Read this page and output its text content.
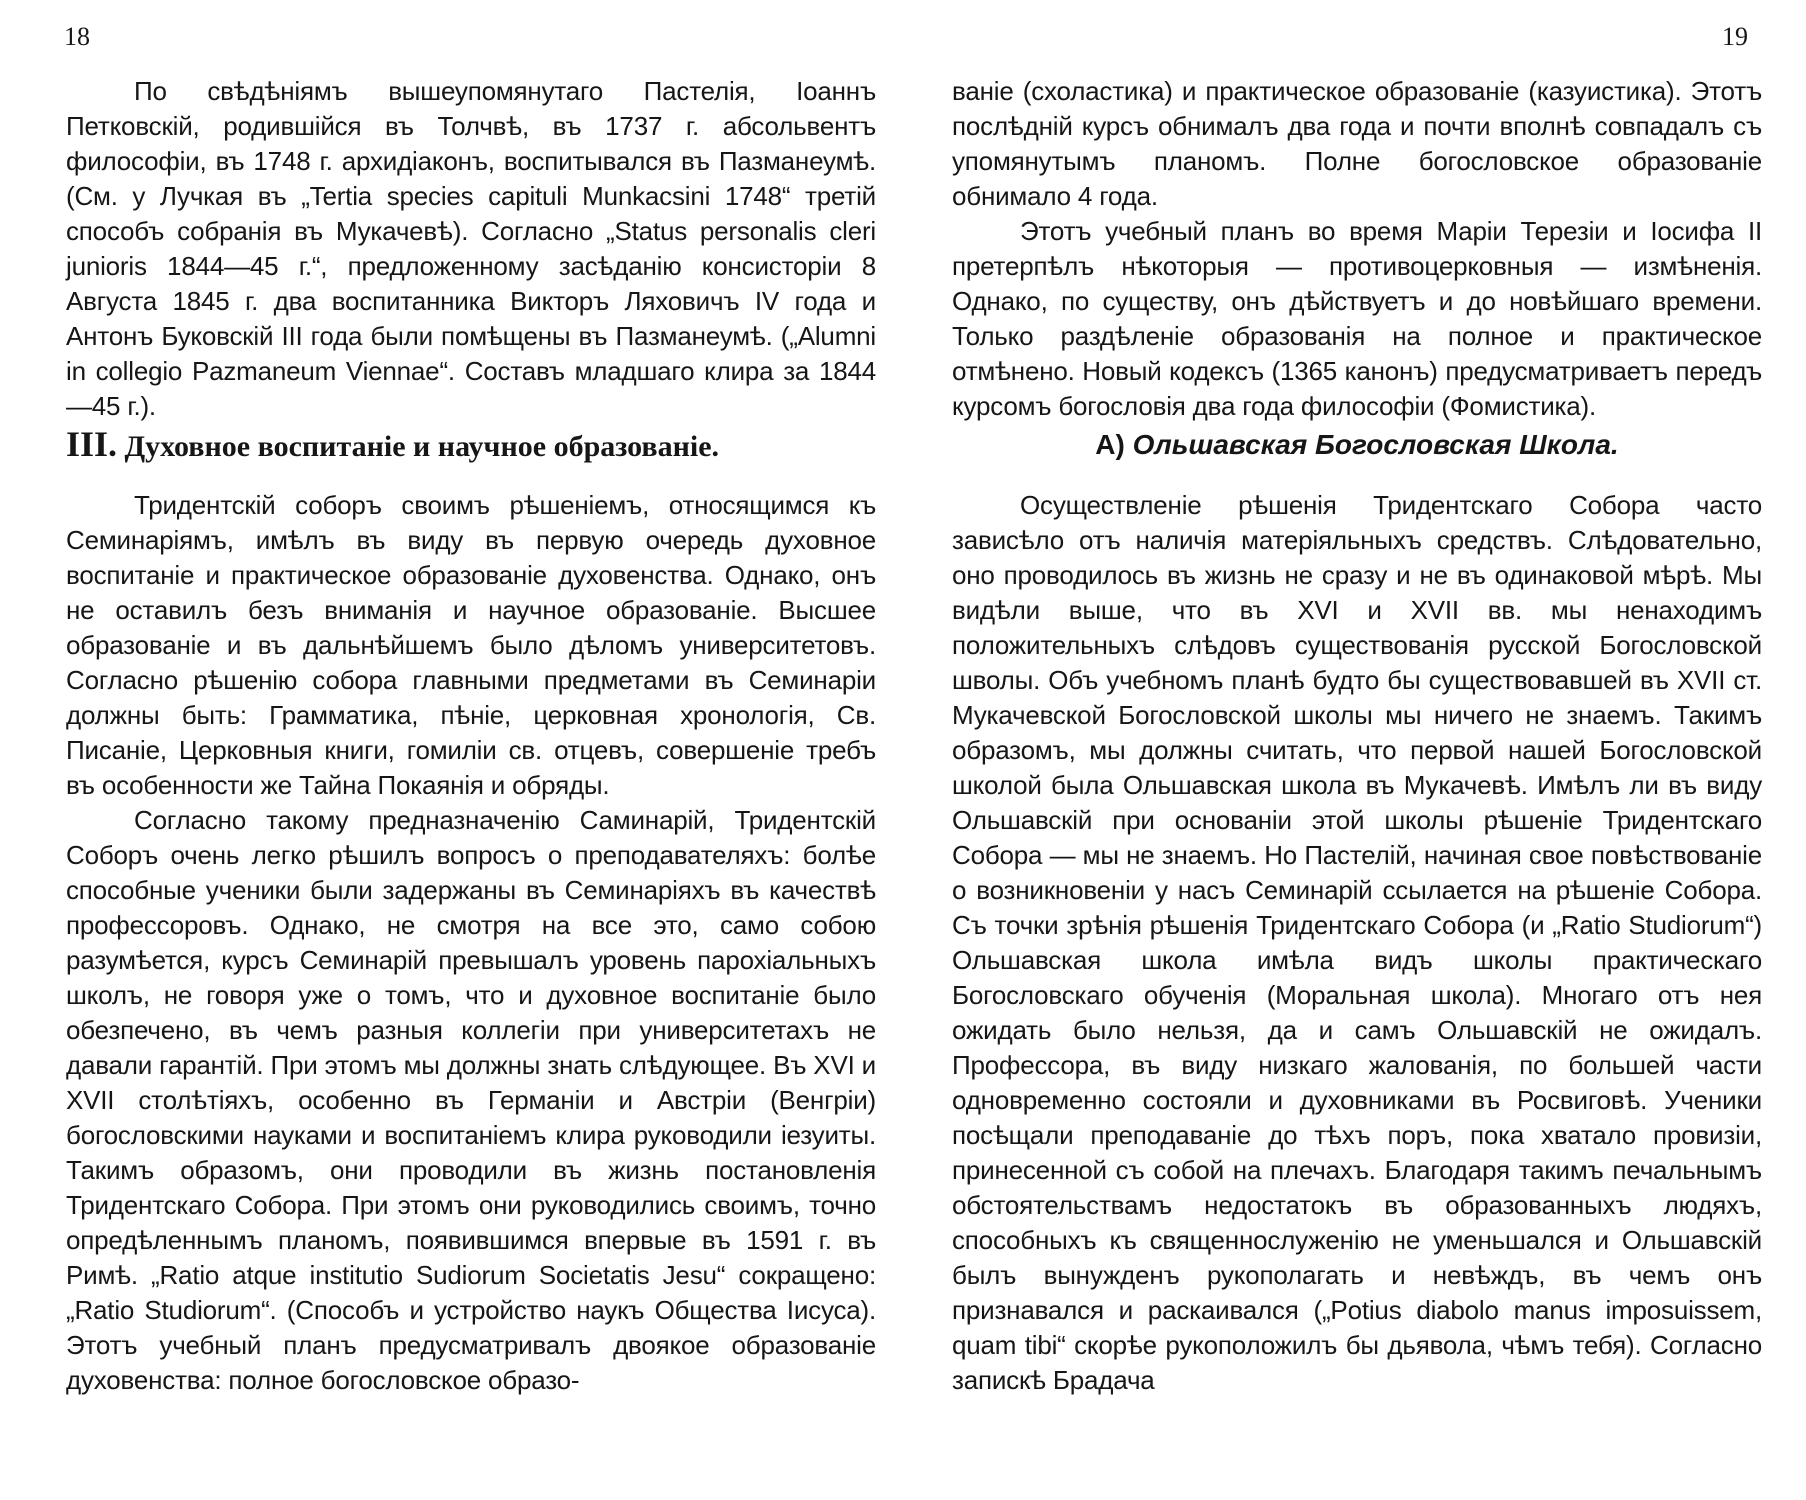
18

По свѣдѣніямъ вышеупомянутаго Пастелія, Іоаннъ Петковскій, родившійся въ Толчвѣ, въ 1737 г. абсольвентъ философіи, въ 1748 г. архидіаконъ, воспитывался въ Пазманеумѣ. (См. у Лучкая въ „Tertia species capituli Munkacsini 1748“ третій способъ собранія въ Мукачевѣ). Согласно „Status personalis cleri junioris 1844—45 г.“, предложенному засѣданію консисторіи 8 Августа 1845 г. два воспитанника Викторъ Ляховичъ IV года и Антонъ Буковскій III года были помѣщены въ Пазманеумѣ. („Alumni in collegio Pazmaneum Viennae“. Составъ младшаго клира за 1844—45 г.).

III. Духовное воспитаніе и научное образованіе.

Тридентскій соборъ своимъ рѣшеніемъ, относящимся къ Семинаріямъ, имѣлъ въ виду въ первую очередь духовное воспитаніе и практическое образованіе духовенства. Однако, онъ не оставилъ безъ вниманія и научное образованіе. Высшее образованіе и въ дальнѣйшемъ было дѣломъ университетовъ. Согласно рѣшенію собора главными предметами въ Семинаріи должны быть: Грамматика, пѣніе, церковная хронологія, Св. Писаніе, Церковныя книги, гомиліи св. отцевъ, совершеніе требъ въ особенности же Тайна Покаянія и обряды.

Согласно такому предназначенію Саминарій, Тридентскій Соборъ очень легко рѣшилъ вопросъ о преподавателяхъ: болѣе способные ученики были задержаны въ Семинаріяхъ въ качествѣ профессоровъ. Однако, не смотря на все это, само собою разумѣется, курсъ Семинарій превышалъ уровень парохіальныхъ школъ, не говоря уже о томъ, что и духовное воспитаніе было обезпечено, въ чемъ разныя коллегіи при университетахъ не давали гарантій. При этомъ мы должны знать слѣдующее. Въ XVI и XVII столѣтіяхъ, особенно въ Германіи и Австріи (Венгріи) богословскими науками и воспитаніемъ клира руководили іезуиты. Такимъ образомъ, они проводили въ жизнь постановленія Тридентскаго Собора. При этомъ они руководились своимъ, точно опредѣленнымъ планомъ, появившимся впервые въ 1591 г. въ Римѣ. „Ratio atque institutio Sudiorum Societatis Jesu“ сокращено: „Ratio Studiorum“. (Способъ и устройство наукъ Общества Іисуса). Этотъ учебный планъ предусматривалъ двоякое образованіе духовенства: полное богословское образо-

19

ваніе (схоластика) и практическое образованіе (казуистика). Этотъ послѣдній курсъ обнималъ два года и почти вполнѣ совпадалъ съ упомянутымъ планомъ. Полне богословское образованіе обнимало 4 года.

Этотъ учебный планъ во время Маріи Терезіи и Іосифа II претерпѣлъ нѣкоторыя — противоцерковныя — измѣненія. Однако, по существу, онъ дѣйствуетъ и до новѣйшаго времени. Только раздѣленіе образованія на полное и практическое отмѣнено. Новый кодексъ (1365 канонъ) предусматриваетъ передъ курсомъ богословія два года философіи (Фомистика).

А) Ольшавская Богословская Школа.

Осуществленіе рѣшенія Тридентскаго Собора часто зависѣло отъ наличія матеріяльныхъ средствъ. Слѣдовательно, оно проводилось въ жизнь не сразу и не въ одинаковой мѣрѣ. Мы видѣли выше, что въ XVI и XVII вв. мы ненаходимъ положительныхъ слѣдовъ существованія русской Богословской шволы. Объ учебномъ планѣ будто бы существовавшей въ XVII ст. Мукачевской Богословской школы мы ничего не знаемъ. Такимъ образомъ, мы должны считать, что первой нашей Богословской школой была Ольшавская школа въ Мукачевѣ. Имѣлъ ли въ виду Ольшавскій при основаніи этой школы рѣшеніе Тридентскаго Собора — мы не знаемъ. Но Пастелій, начиная свое повѣствованіе о возникновеніи у насъ Семинарій ссылается на рѣшеніе Собора. Съ точки зрѣнія рѣшенія Тридентскаго Собора (и „Ratio Studiorum“) Ольшавская школа имѣла видъ школы практическаго Богословскаго обученія (Моральная школа). Многаго отъ нея ожидать было нельзя, да и самъ Ольшавскій не ожидалъ. Профессора, въ виду низкаго жалованія, по большей части одновременно состояли и духовниками въ Росвиговѣ. Ученики посѣщали преподаваніе до тѣхъ поръ, пока хватало провизіи, принесенной съ собой на плечахъ. Благодаря такимъ печальнымъ обстоятельствамъ недостатокъ въ образованныхъ людяхъ, способныхъ къ священнослуженію не уменьшался и Ольшавскій былъ вынужденъ рукополагать и невѣждъ, въ чемъ онъ признавался и раскаивался („Potius diabolo manus imposuissem, quam tibi“ скорѣе рукоположилъ бы дьявола, чѣмъ тебя). Согласно запискѣ Брадача
